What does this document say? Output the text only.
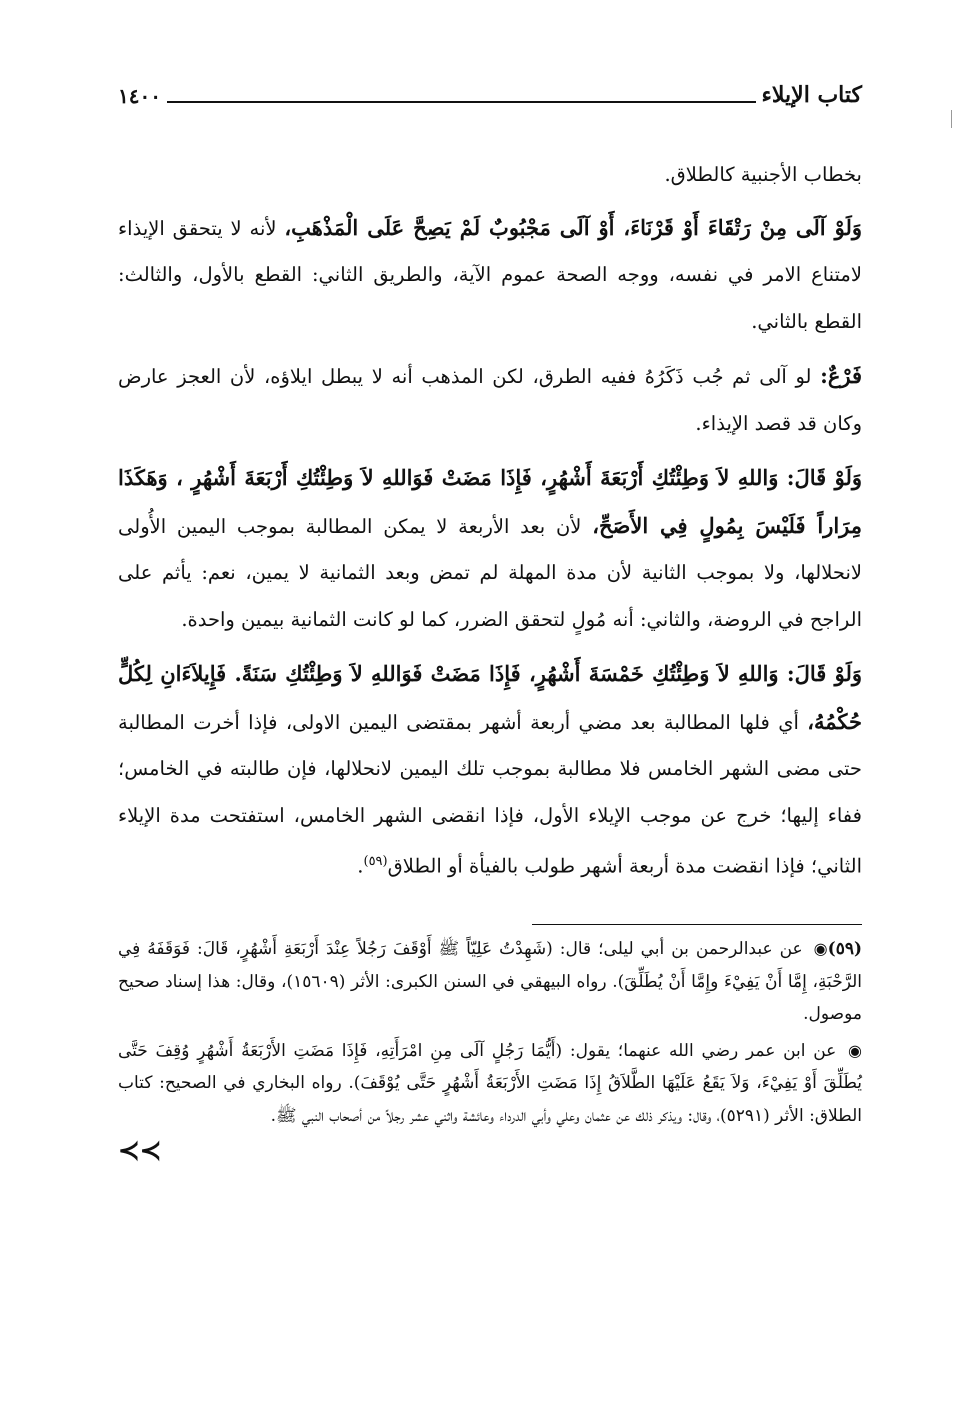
كتاب الإيلاء
١٤٠٠

بخطاب الأجنبية كالطلاق.

وَلَوْ آلَى مِنْ رَتْقَاءَ أَوْ قَرْنَاءَ، أَوْ آلَى مَجْبُوبٌ لَمْ يَصِحَّ عَلَى الْمَذْهَبِ، لأنه لا يتحقق الإيذاء لامتناع الامر في نفسه، ووجه الصحة عموم الآية، والطريق الثاني: القطع بالأول، والثالث: القطع بالثاني.

فَرْعٌ: لو آلى ثم جُب ذَكَرُهُ ففيه الطرق، لكن المذهب أنه لا يبطل ايلاؤه، لأن العجز عارض وكان قد قصد الإيذاء.

وَلَوْ قَالَ: وَاللهِ لاَ وَطِئْتُكِ أَرْبَعَةَ أَشْهُرٍ، فَإِذَا مَضَتْ فَوَاللهِ لاَ وَطِئْتُكِ أَرْبَعَةَ أَشْهُرٍ ، وَهَكَذَا مِرَاراً فَلَيْسَ بِمُولٍ فِي الأَصَحِّ، لأن بعد الأربعة لا يمكن المطالبة بموجب اليمين الأُولى لانحلالها، ولا بموجب الثانية لأن مدة المهلة لم تمض وبعد الثمانية لا يمين، نعم: يأثم على الراجح في الروضة، والثاني: أنه مُولٍ لتحقق الضرر، كما لو كانت الثمانية بيمين واحدة.

وَلَوْ قَالَ: وَاللهِ لاَ وَطِئْتُكِ خَمْسَةَ أَشْهُرٍ، فَإِذَا مَضَتْ فَوَاللهِ لاَ وَطِئْتُكِ سَنَةً. فَإِيلاَءَانِ لِكُلٍّ حُكْمُهُ، أي فلها المطالبة بعد مضي أربعة أشهر بمقتضى اليمين الاولى، فإذا أخرت المطالبة حتى مضى الشهر الخامس فلا مطالبة بموجب تلك اليمين لانحلالها، فإن طالبته في الخامس؛ ففاء إليها؛ خرج عن موجب الإيلاء الأول، فإذا انقضى الشهر الخامس، استفتحت مدة الإيلاء الثاني؛ فإذا انقضت مدة أربعة أشهر طولب بالفيأة أو الطلاق$^{(٥٩)}$.

(٥٩)◉ عن عبدالرحمن بن أبي ليلى؛ قال: (شَهِدْتُ عَلِيّاً ﷺ أَوْقَفَ رَجُلاً عِنْدَ أَرْبَعَةِ أَشْهُرٍ، قَالَ: فَوَقَفَهُ فِي الرَّحْبَةِ، إِمَّا أَنْ يَفِيْءَ وإِمَّا أَنْ يُطَلِّقَ). رواه البيهقي في السنن الكبرى: الأثر (١٥٦٠٩)، وقال: هذا إسناد صحيح موصول.

◉ عن ابن عمر رضي الله عنهما؛ يقول: (أَيُّمَا رَجُلٍ آلَى مِنِ امْرَأَتِهِ، فَإِذَا مَضَتِ الأَرْبَعَةُ أَشْهُرٍ وُقِفَ حَتَّى يُطَلِّقَ أَوْ يَفِيْءَ، وَلاَ يَقَعُ عَلَيْهَا الطَّلاَقُ إِذَا مَضَتِ الأَرْبَعَةُ أَشْهُرٍ حَتَّى يُوْقَفَ). رواه البخاري في الصحيح: كتاب الطلاق: الأثر (٥٢٩١)، وقال: ويذكر ذلك عن عثمان وعلي وأبي الدرداء وعائشة واثني عشر رجلاً من أصحاب النبي ﷺ.

≺≺
